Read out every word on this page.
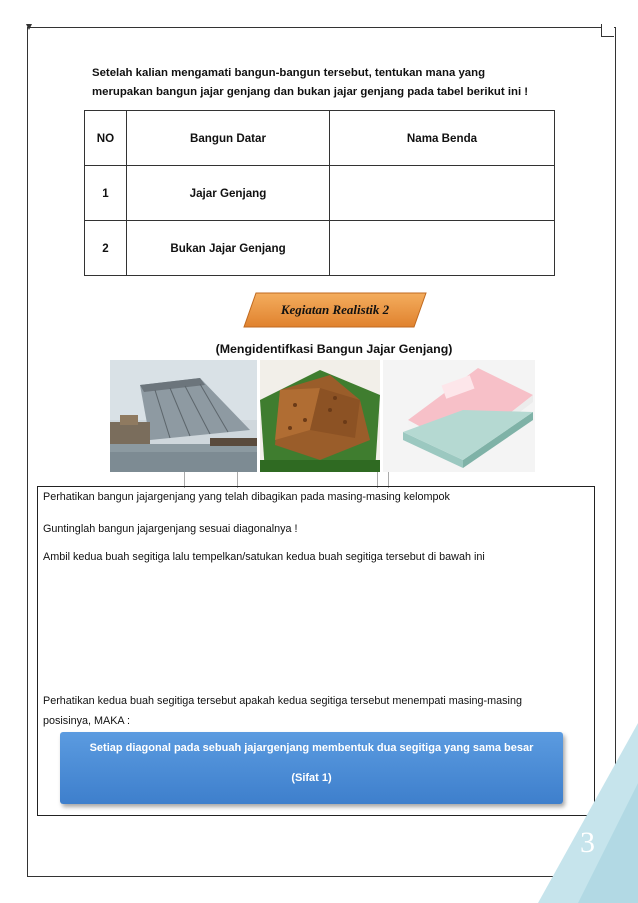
Setelah kalian mengamati bangun-bangun tersebut, tentukan mana yang
merupakan bangun jajar genjang dan bukan jajar genjang pada tabel berikut ini !
NO	Bangun Datar	Nama Benda
1	Jajar Genjang	
2	Bukan Jajar Genjang	
Kegiatan Realistik 2
(Mengidentifkasi Bangun Jajar Genjang)
Perhatikan bangun jajargenjang yang telah dibagikan pada masing-masing kelompok
Guntinglah bangun jajargenjang sesuai diagonalnya !
Ambil kedua buah segitiga lalu tempelkan/satukan kedua buah segitiga tersebut di bawah ini
Perhatikan kedua buah segitiga tersebut apakah kedua segitiga tersebut menempati masing-masing
posisinya, MAKA :
Setiap diagonal pada sebuah jajargenjang membentuk dua segitiga yang sama besar
(Sifat 1)
3
